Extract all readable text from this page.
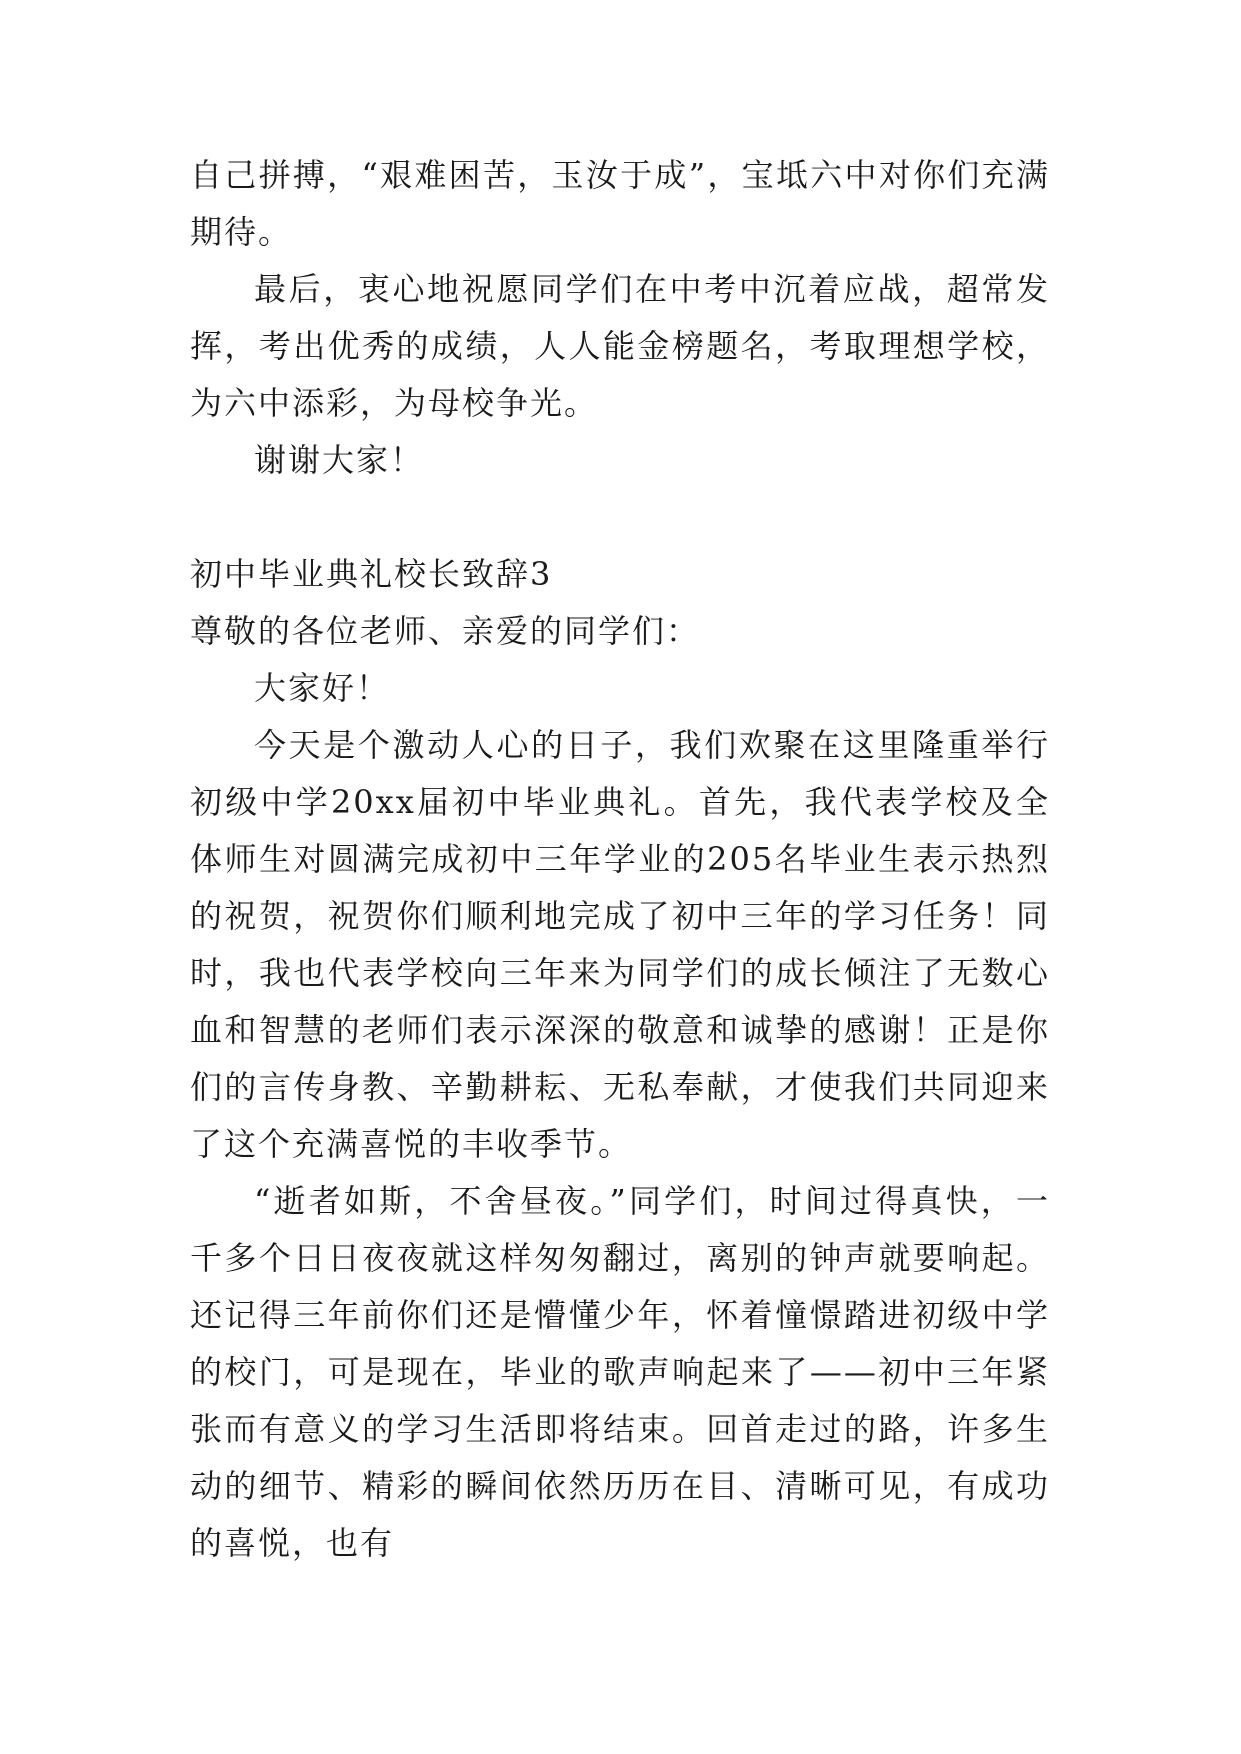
自己拼搏，“艰难困苦，玉汝于成”，宝坻六中对你们充满期待。

最后，衷心地祝愿同学们在中考中沉着应战，超常发挥，考出优秀的成绩，人人能金榜题名，考取理想学校，为六中添彩，为母校争光。

谢谢大家！

初中毕业典礼校长致辞3

尊敬的各位老师、亲爱的同学们：

大家好！

今天是个激动人心的日子，我们欢聚在这里隆重举行初级中学20xx届初中毕业典礼。首先，我代表学校及全体师生对圆满完成初中三年学业的205名毕业生表示热烈的祝贺，祝贺你们顺利地完成了初中三年的学习任务！同时，我也代表学校向三年来为同学们的成长倾注了无数心血和智慧的老师们表示深深的敬意和诚挚的感谢！正是你们的言传身教、辛勤耕耘、无私奉献，才使我们共同迎来了这个充满喜悦的丰收季节。

“逝者如斯，不舍昼夜。”同学们，时间过得真快，一千多个日日夜夜就这样匆匆翻过，离别的钟声就要响起。还记得三年前你们还是懵懂少年，怀着憧憬踏进初级中学的校门，可是现在，毕业的歌声响起来了——初中三年紧张而有意义的学习生活即将结束。回首走过的路，许多生动的细节、精彩的瞬间依然历历在目、清晰可见，有成功的喜悦，也有
